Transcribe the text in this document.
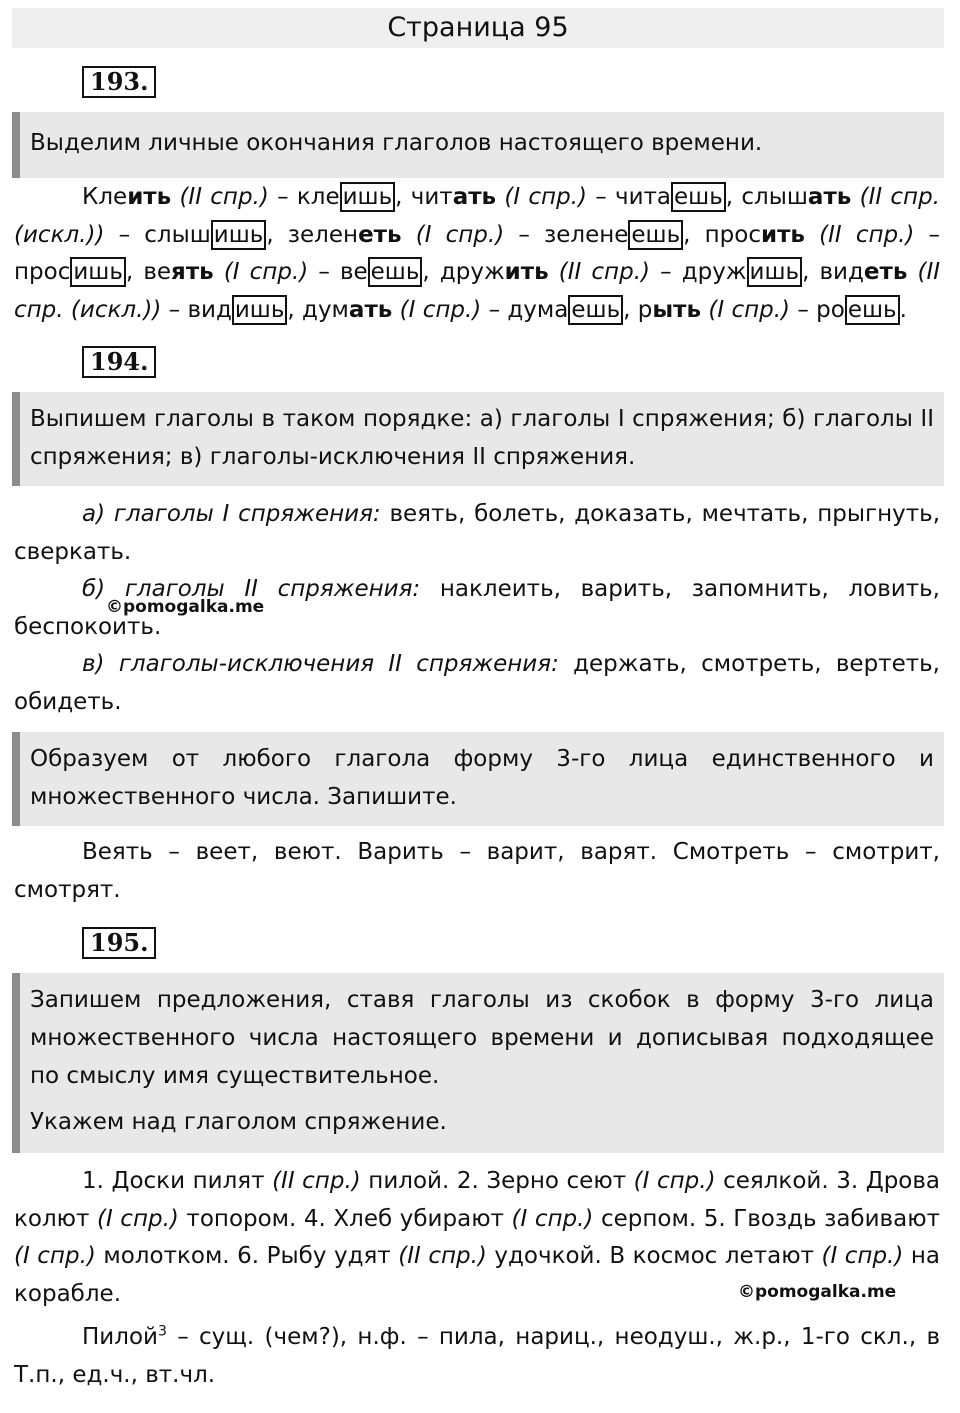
Страница 95
193.

Выделим личные окончания глаголов настоящего времени.

Клеить (II спр.) – кле ишь , читать (I спр.) – чита ешь , слышать (II спр. (искл.)) – слыш ишь , зеленеть (I спр.) – зелене ешь , просить (II спр.) – прос ишь , веять (I спр.) – ве ешь , дружить (II спр.) – друж ишь , видеть (II спр. (искл.)) – вид ишь , думать (I спр.) – дума ешь , рыть (I спр.) – ро ешь .

194.

Выпишем глаголы в таком порядке: а) глаголы I спряжения; б) глаголы II спряжения; в) глаголы-исключения II спряжения.

а) глаголы I спряжения: веять, болеть, доказать, мечтать, прыгнуть, сверкать.

б) глаголы II спряжения: наклеить, варить, запомнить, ловить, беспокоить.

в) глаголы-исключения II спряжения: держать, смотреть, вертеть, обидеть.

©pomogalka.me

Образуем от любого глагола форму 3-го лица единственного и множественного числа. Запишите.

Веять – веет, веют. Варить – варит, варят. Смотреть – смотрит, смотрят.

195.

Запишем предложения, ставя глаголы из скобок в форму 3-го лица множественного числа настоящего времени и дописывая подходящее по смыслу имя существительное.

Укажем над глаголом спряжение.

1. Доски пилят (II спр.) пилой. 2. Зерно сеют (I спр.) сеялкой. 3. Дрова колют (I спр.) топором. 4. Хлеб убирают (I спр.) серпом. 5. Гвоздь забивают (I спр.) молотком. 6. Рыбу удят (II спр.) удочкой. В космос летают (I спр.) на корабле.

Пилой$^3$ – сущ. (чем?), н.ф. – пила, нариц., неодуш., ж.р., 1-го скл., в Т.п., ед.ч., вт.чл.

©pomogalka.me
